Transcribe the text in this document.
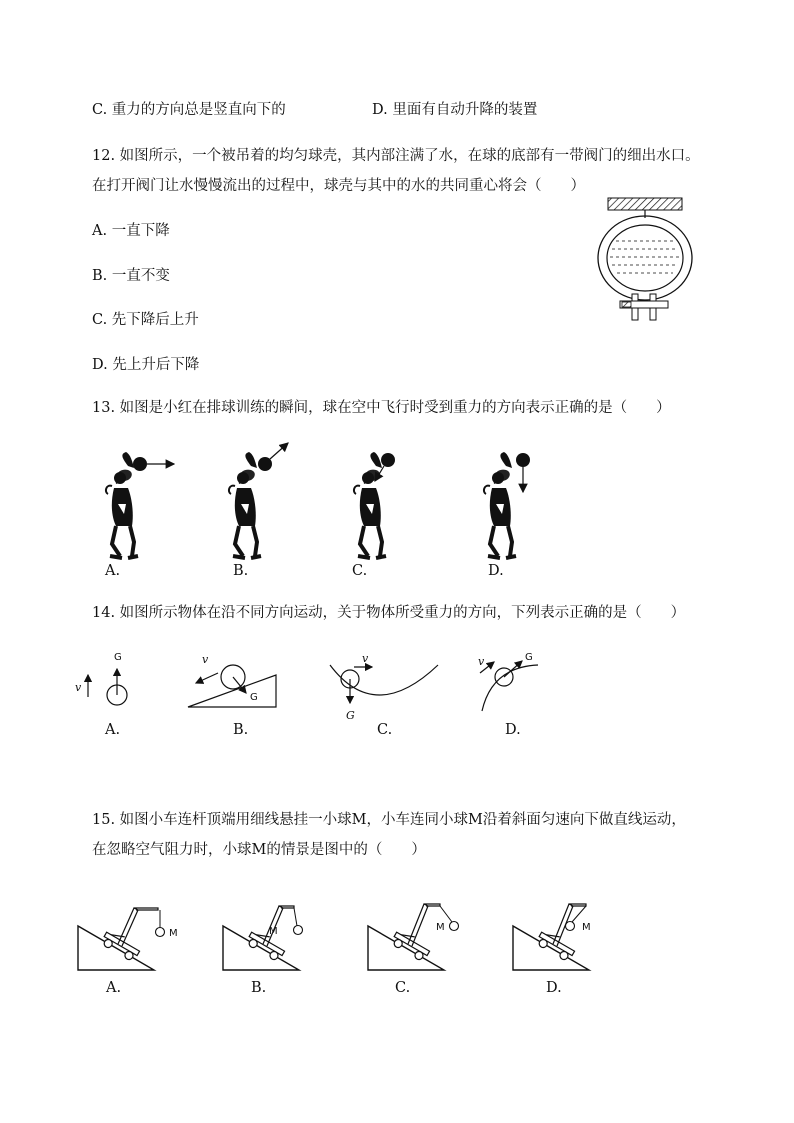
C. 重力的方向总是竖直向下的	D. 里面有自动升降的装置
12. 如图所示，一个被吊着的均匀球壳，其内部注满了水，在球的底部有一带阀门的细出水口。
在打开阀门让水慢慢流出的过程中，球壳与其中的水的共同重心将会（　　）
A. 一直下降
B. 一直不变
C. 先下降后上升
D. 先上升后下降
13. 如图是小红在排球训练的瞬间，球在空中飞行时受到重力的方向表示正确的是（　　）
A.	B.	C.	D.
14. 如图所示物体在沿不同方向运动，关于物体所受重力的方向，下列表示正确的是（　　）
G
v
G
v
G
v	G
v
A.	B.	C.	D.
15. 如图小车连杆顶端用细线悬挂一小球M，小车连同小球M沿着斜面匀速向下做直线运动，
在忽略空气阻力时，小球M的情景是图中的（　　）
M	M	M	M
A.	B.	C.	D.
